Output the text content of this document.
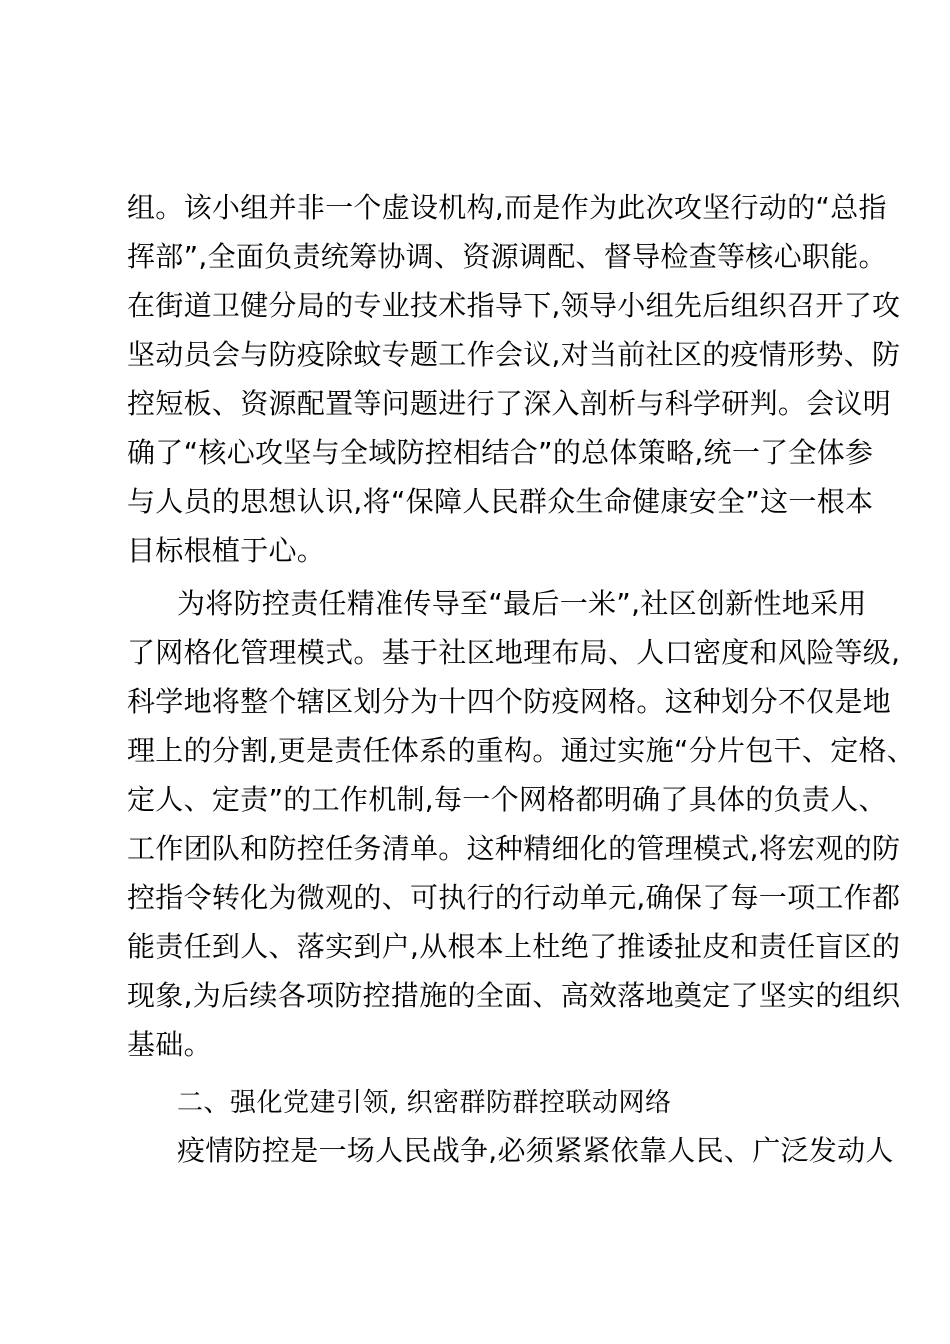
组。该小组并非一个虚设机构,而是作为此次攻坚行动的“总指
挥部”,全面负责统筹协调、资源调配、督导检查等核心职能。
在街道卫健分局的专业技术指导下,领导小组先后组织召开了攻
坚动员会与防疫除蚊专题工作会议,对当前社区的疫情形势、防
控短板、资源配置等问题进行了深入剖析与科学研判。会议明
确了“核心攻坚与全域防控相结合”的总体策略,统一了全体参
与人员的思想认识,将“保障人民群众生命健康安全”这一根本
目标根植于心。
为将防控责任精准传导至“最后一米”,社区创新性地采用
了网格化管理模式。基于社区地理布局、人口密度和风险等级,
科学地将整个辖区划分为十四个防疫网格。这种划分不仅是地
理上的分割,更是责任体系的重构。通过实施“分片包干、定格、
定人、定责”的工作机制,每一个网格都明确了具体的负责人、
工作团队和防控任务清单。这种精细化的管理模式,将宏观的防
控指令转化为微观的、可执行的行动单元,确保了每一项工作都
能责任到人、落实到户,从根本上杜绝了推诿扯皮和责任盲区的
现象,为后续各项防控措施的全面、高效落地奠定了坚实的组织
基础。
二、强化党建引领, 织密群防群控联动网络
疫情防控是一场人民战争,必须紧紧依靠人民、广泛发动人
